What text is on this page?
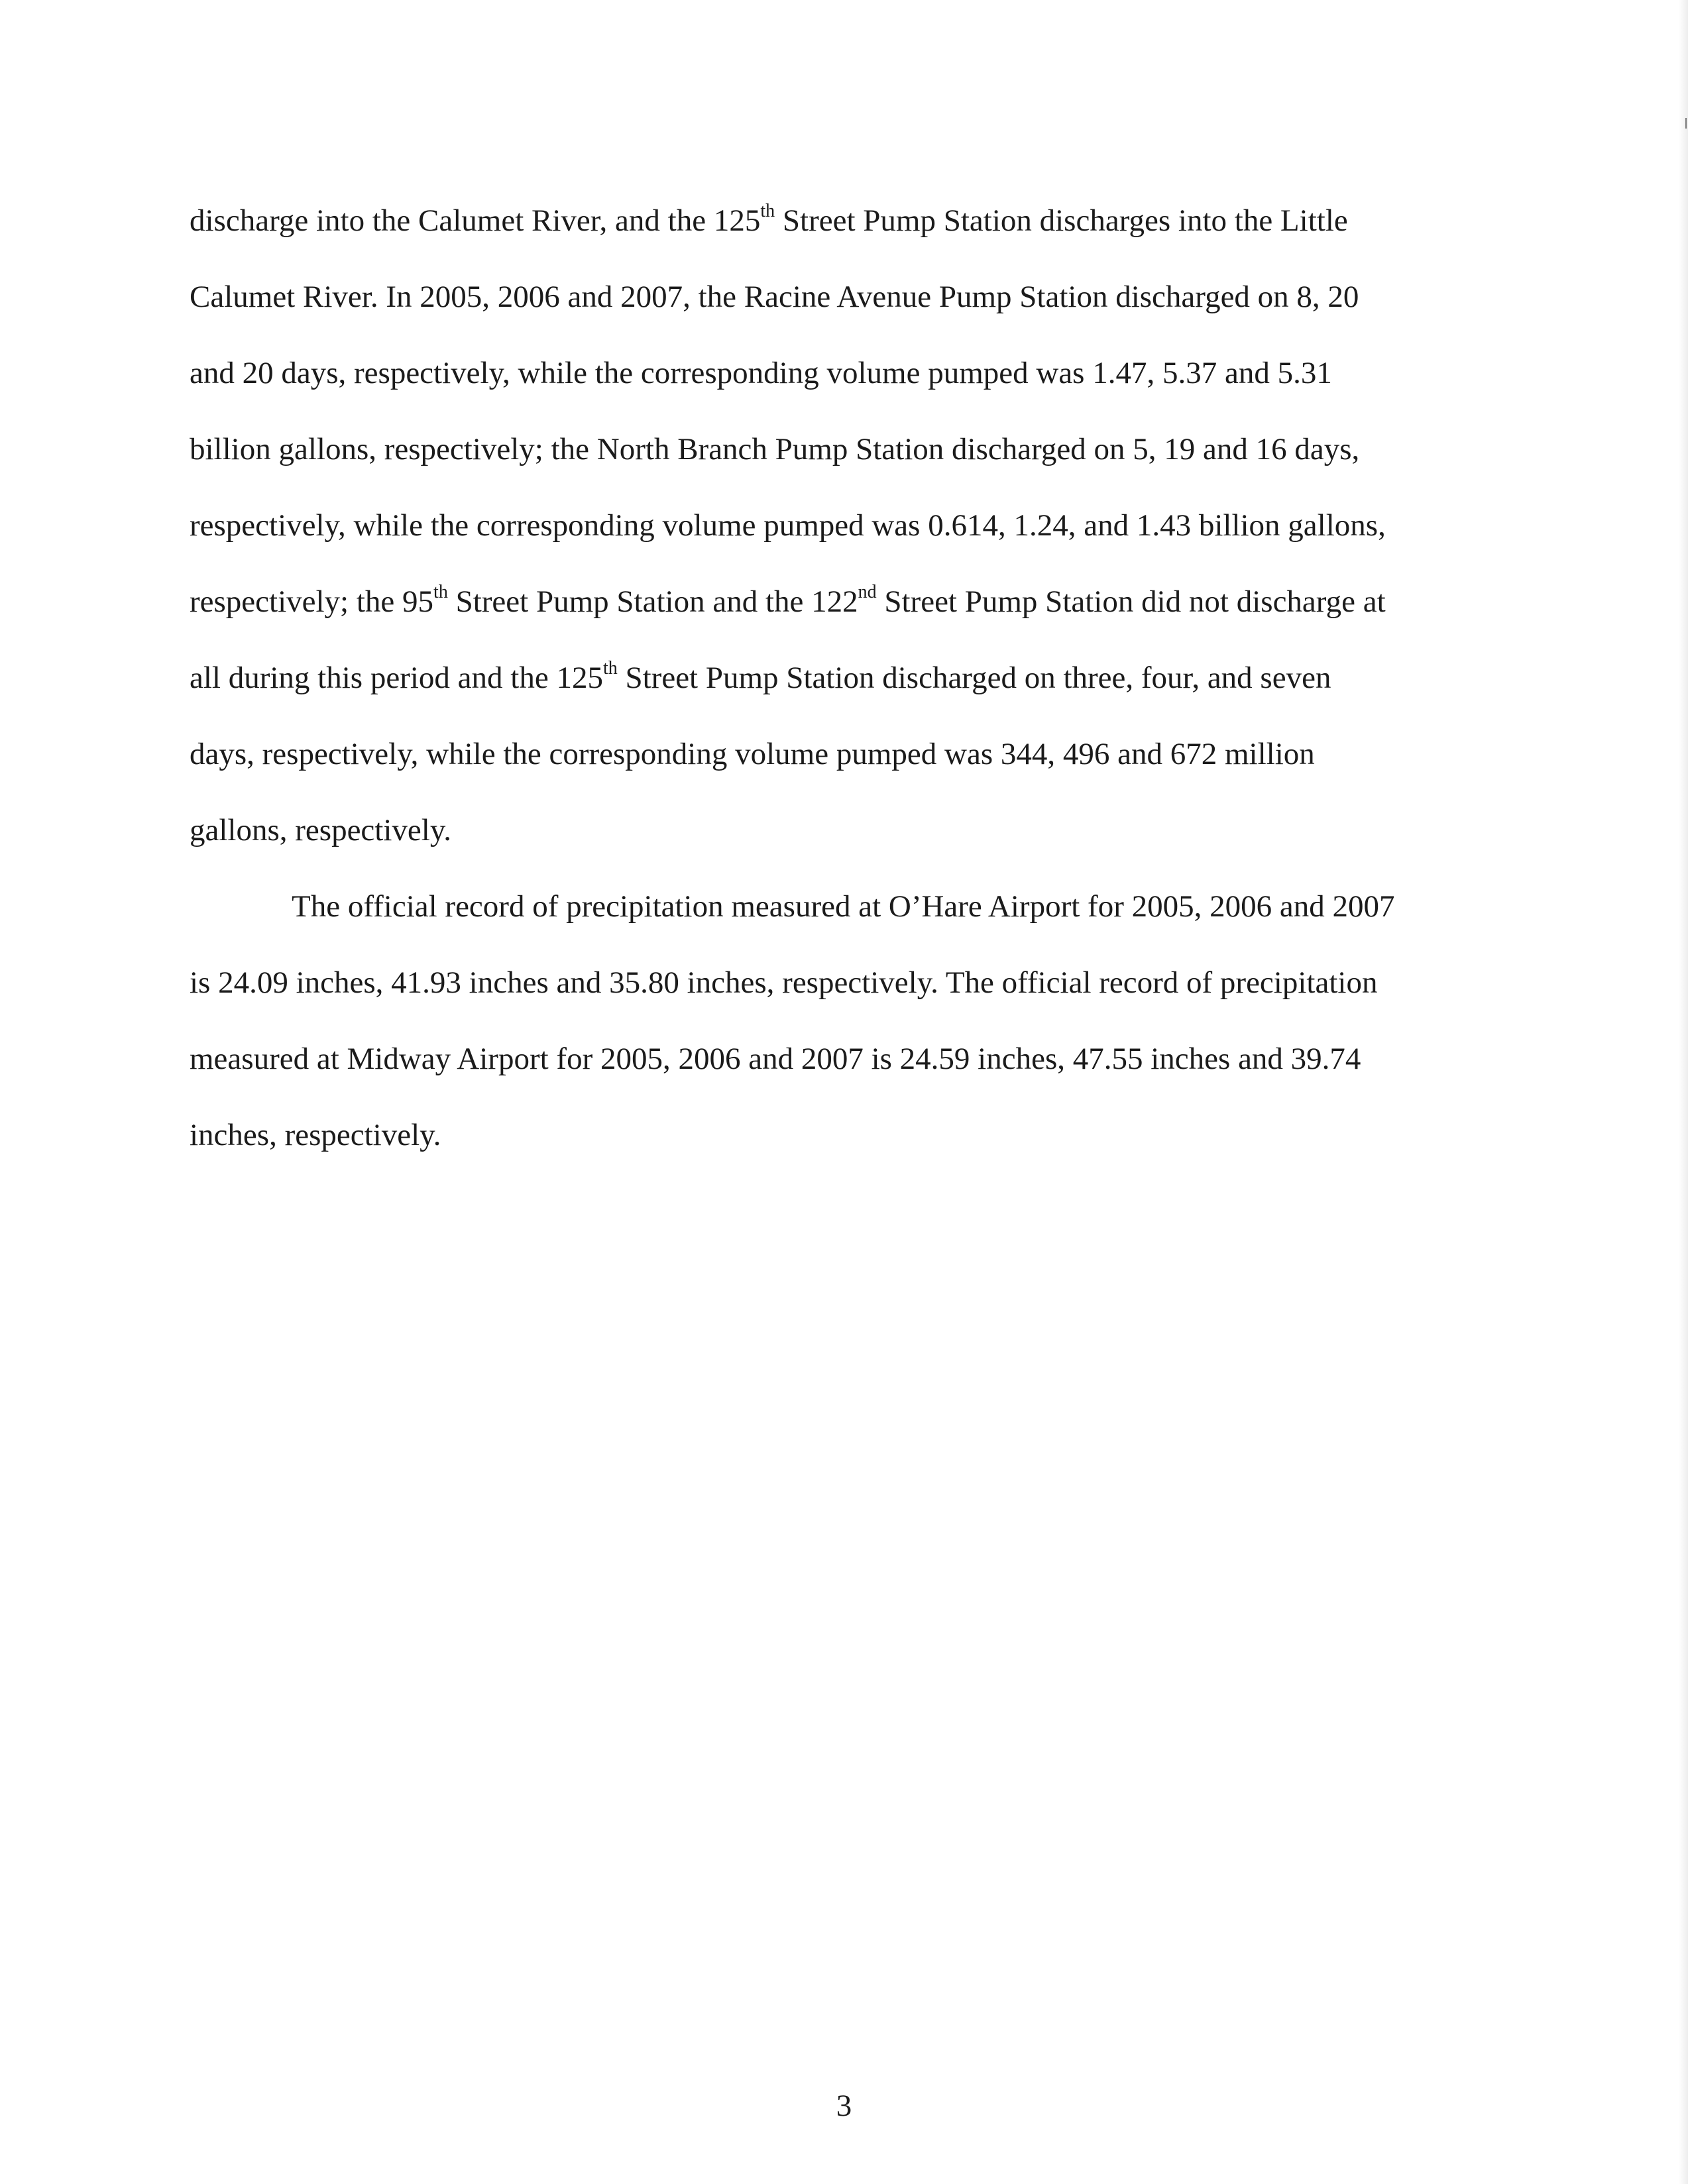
discharge into the Calumet River, and the 125th Street Pump Station discharges into the Little
Calumet River. In 2005, 2006 and 2007, the Racine Avenue Pump Station discharged on 8, 20
and 20 days, respectively, while the corresponding volume pumped was 1.47, 5.37 and 5.31
billion gallons, respectively; the North Branch Pump Station discharged on 5, 19 and 16 days,
respectively, while the corresponding volume pumped was 0.614, 1.24, and 1.43 billion gallons,
respectively; the 95th Street Pump Station and the 122nd Street Pump Station did not discharge at
all during this period and the 125th Street Pump Station discharged on three, four, and seven
days, respectively, while the corresponding volume pumped was 344, 496 and 672 million
gallons, respectively.
The official record of precipitation measured at O’Hare Airport for 2005, 2006 and 2007
is 24.09 inches, 41.93 inches and 35.80 inches, respectively. The official record of precipitation
measured at Midway Airport for 2005, 2006 and 2007 is 24.59 inches, 47.55 inches and 39.74
inches, respectively.
3
